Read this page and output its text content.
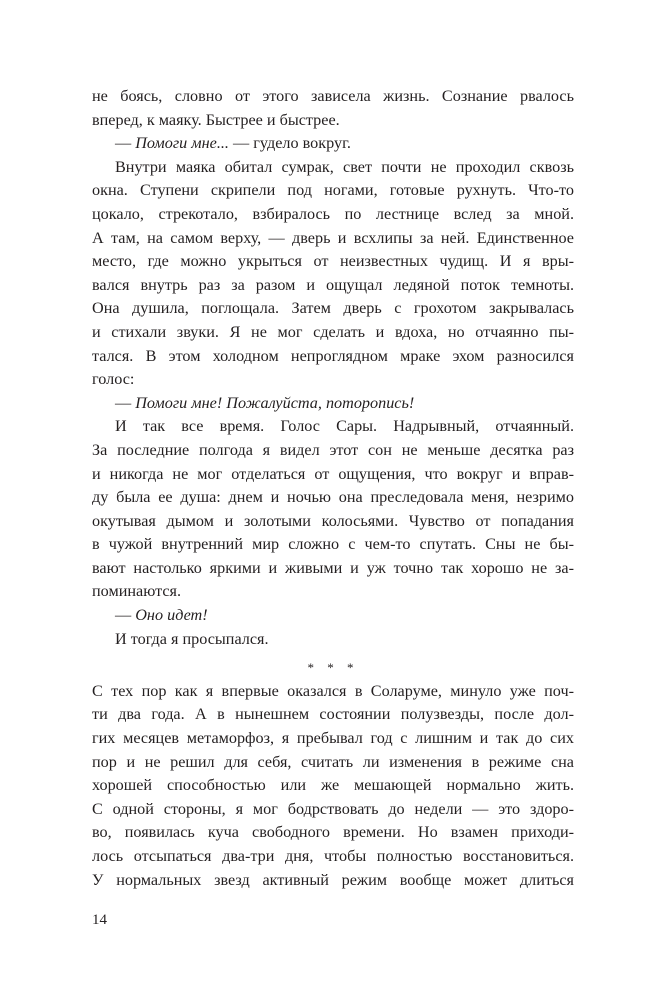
не боясь, словно от этого зависела жизнь. Сознание рвалось
вперед, к маяку. Быстрее и быстрее.
— Помоги мне... — гудело вокруг.
Внутри маяка обитал сумрак, свет почти не проходил сквозь
окна. Ступени скрипели под ногами, готовые рухнуть. Что-то
цокало, стрекотало, взбиралось по лестнице вслед за мной.
А там, на самом верху, — дверь и всхлипы за ней. Единственное
место, где можно укрыться от неизвестных чудищ. И я вры-
вался внутрь раз за разом и ощущал ледяной поток темноты.
Она душила, поглощала. Затем дверь с грохотом закрывалась
и стихали звуки. Я не мог сделать и вдоха, но отчаянно пы-
тался. В этом холодном непроглядном мраке эхом разносился
голос:
— Помоги мне! Пожалуйста, поторопись!
И так все время. Голос Сары. Надрывный, отчаянный.
За последние полгода я видел этот сон не меньше десятка раз
и никогда не мог отделаться от ощущения, что вокруг и вправ-
ду была ее душа: днем и ночью она преследовала меня, незримо
окутывая дымом и золотыми колосьями. Чувство от попадания
в чужой внутренний мир сложно с чем-то спутать. Сны не бы-
вают настолько яркими и живыми и уж точно так хорошо не за-
поминаются.
— Оно идет!
И тогда я просыпался.
* * *
С тех пор как я впервые оказался в Соларуме, минуло уже поч-
ти два года. А в нынешнем состоянии полузвезды, после дол-
гих месяцев метаморфоз, я пребывал год с лишним и так до сих
пор и не решил для себя, считать ли изменения в режиме сна
хорошей способностью или же мешающей нормально жить.
С одной стороны, я мог бодрствовать до недели — это здоро-
во, появилась куча свободного времени. Но взамен приходи-
лось отсыпаться два-три дня, чтобы полностью восстановиться.
У нормальных звезд активный режим вообще может длиться
14
